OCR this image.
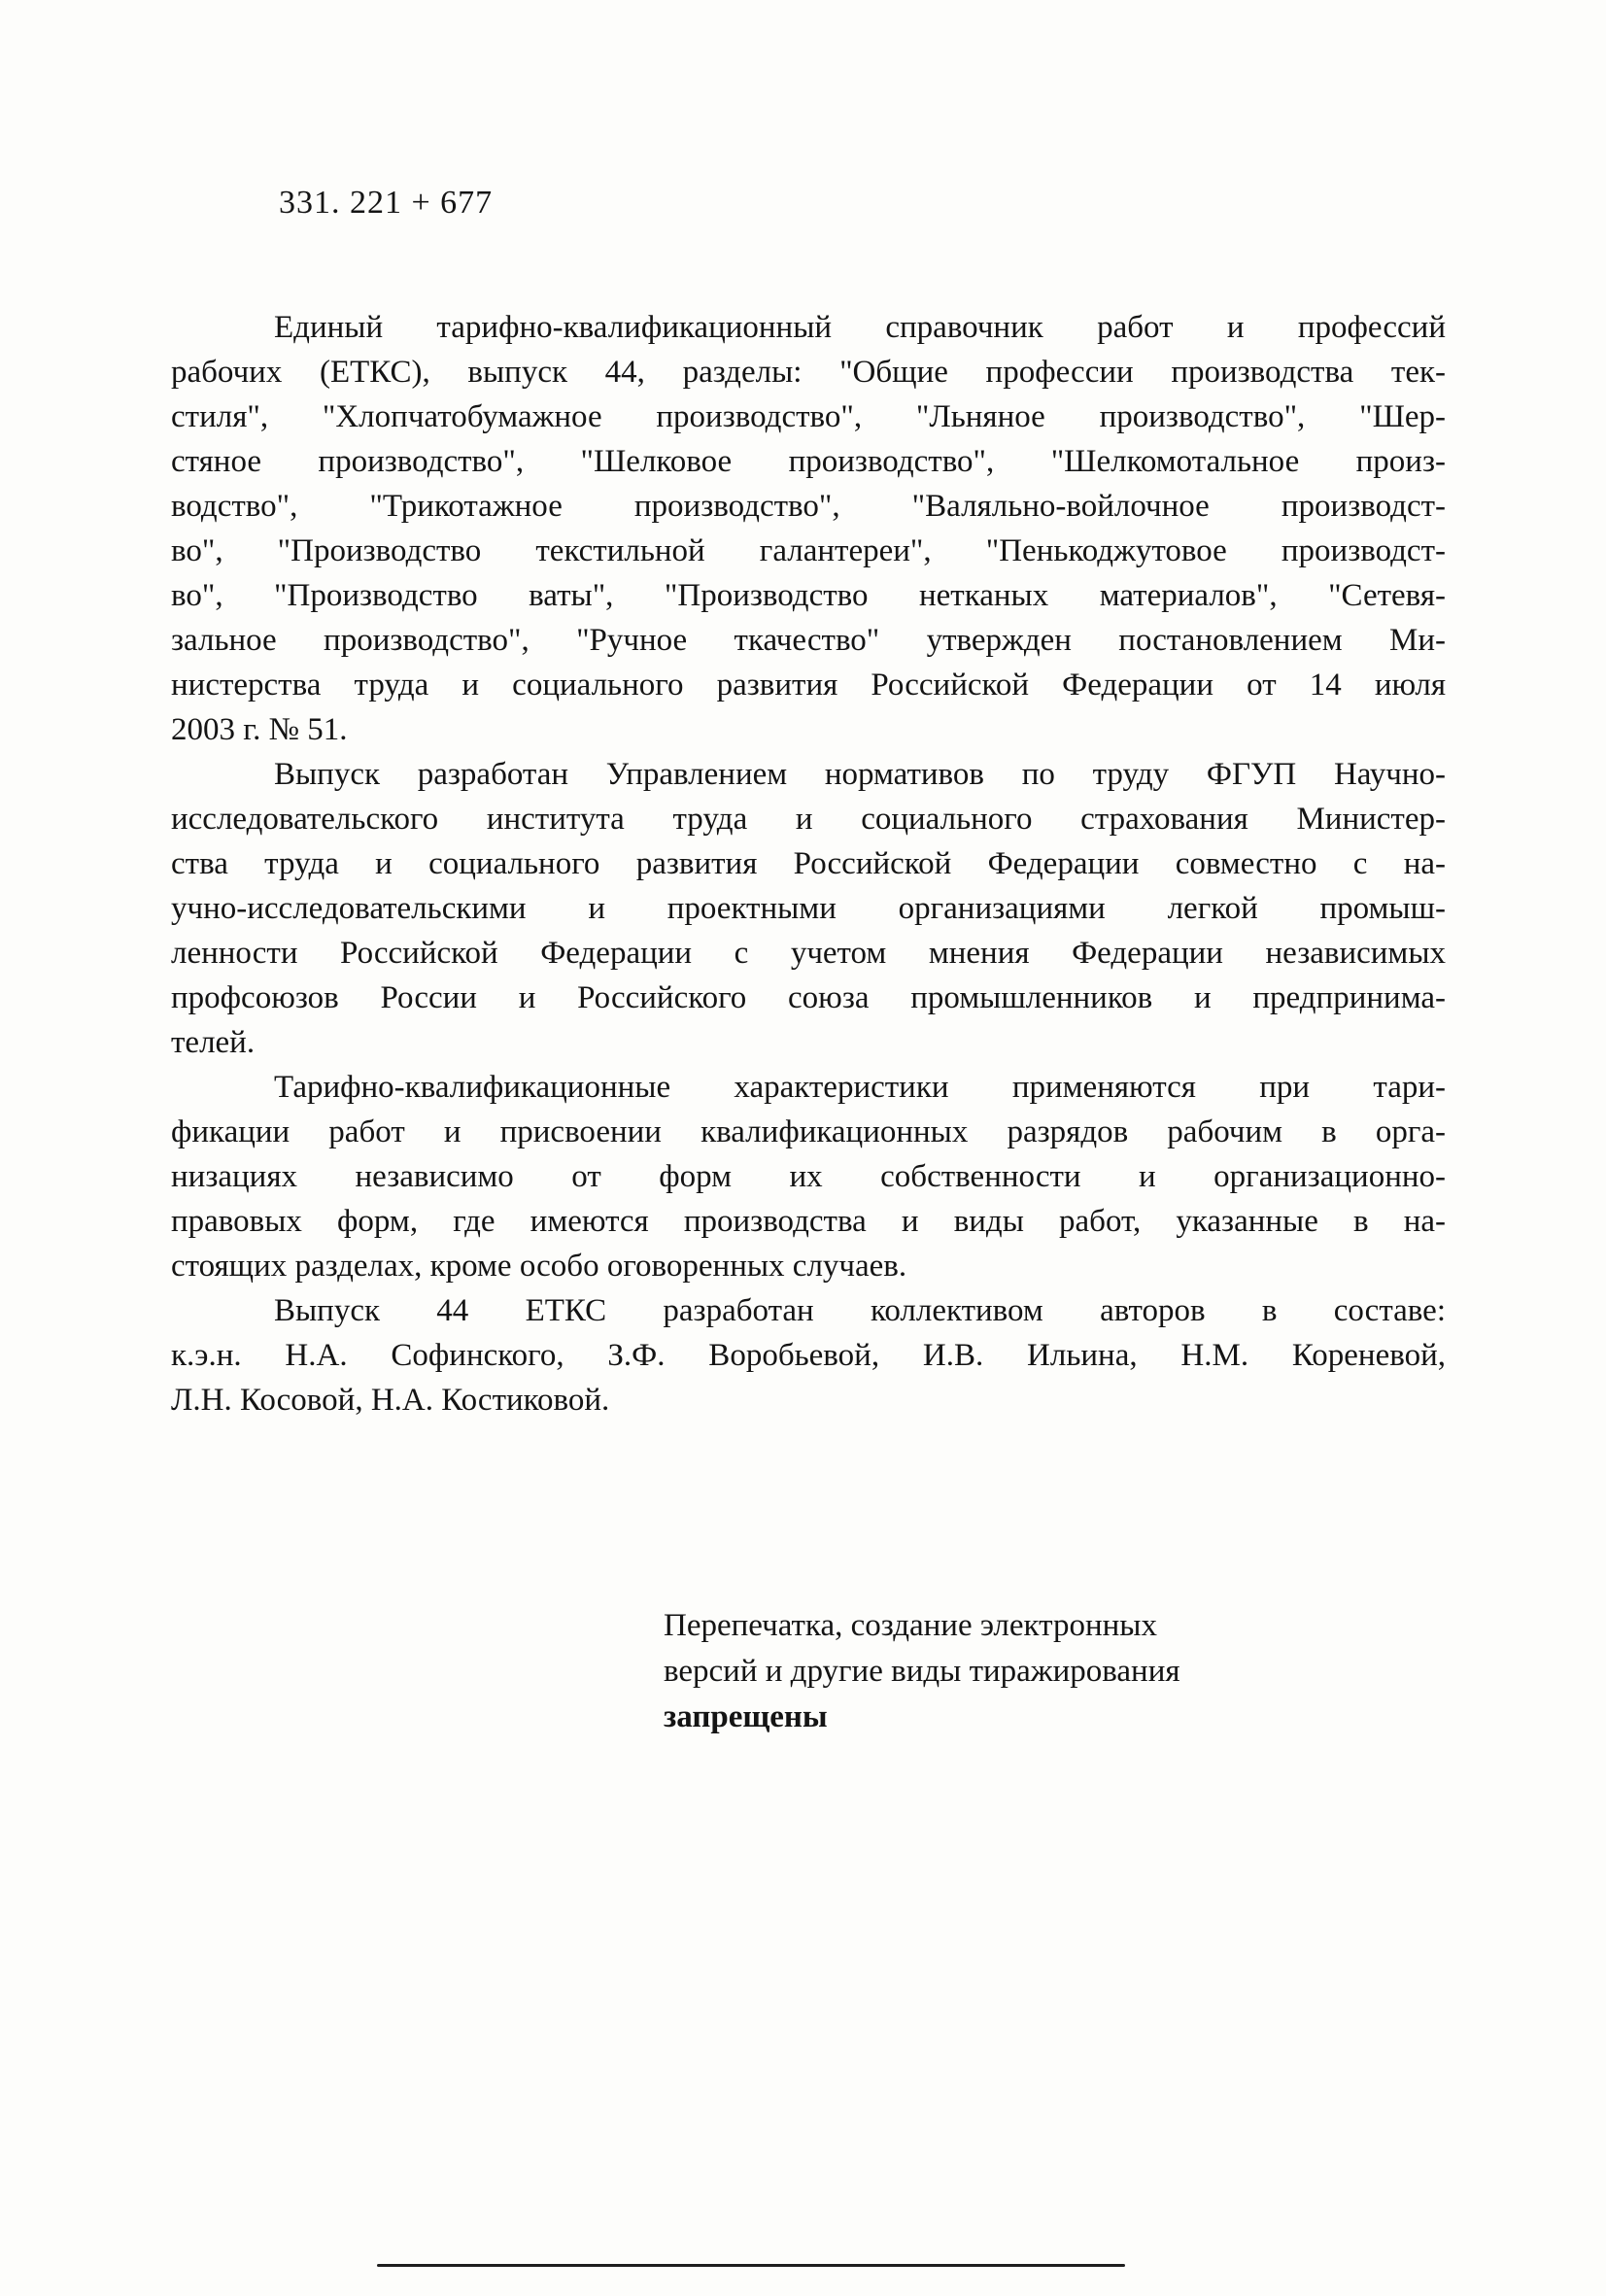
331. 221 + 677
Единый тарифно-квалификационный справочник работ и профессий
рабочих (ЕТКС), выпуск 44, разделы: "Общие профессии производства тек-
стиля", "Хлопчатобумажное производство", "Льняное производство", "Шер-
стяное производство", "Шелковое производство", "Шелкомотальное произ-
водство", "Трикотажное производство", "Валяльно-войлочное производст-
во", "Производство текстильной галантереи", "Пенькоджутовое производст-
во", "Производство ваты", "Производство нетканых материалов", "Сетевя-
зальное производство", "Ручное ткачество" утвержден постановлением Ми-
нистерства труда и социального развития Российской Федерации от 14 июля
2003 г. № 51.
Выпуск разработан Управлением нормативов по труду ФГУП Научно-
исследовательского института труда и социального страхования Министер-
ства труда и социального развития Российской Федерации совместно с на-
учно-исследовательскими и проектными организациями легкой промыш-
ленности Российской Федерации с учетом мнения Федерации независимых
профсоюзов России и Российского союза промышленников и предпринима-
телей.
Тарифно-квалификационные характеристики применяются при тари-
фикации работ и присвоении квалификационных разрядов рабочим в орга-
низациях независимо от форм их собственности и организационно-
правовых форм, где имеются производства и виды работ, указанные в на-
стоящих разделах, кроме особо оговоренных случаев.
Выпуск 44 ЕТКС разработан коллективом авторов в составе:
к.э.н. Н.А. Софинского, З.Ф. Воробьевой, И.В. Ильина, Н.М. Кореневой,
Л.Н. Косовой, Н.А. Костиковой.
Перепечатка, создание электронных
версий и другие виды тиражирования
запрещены
